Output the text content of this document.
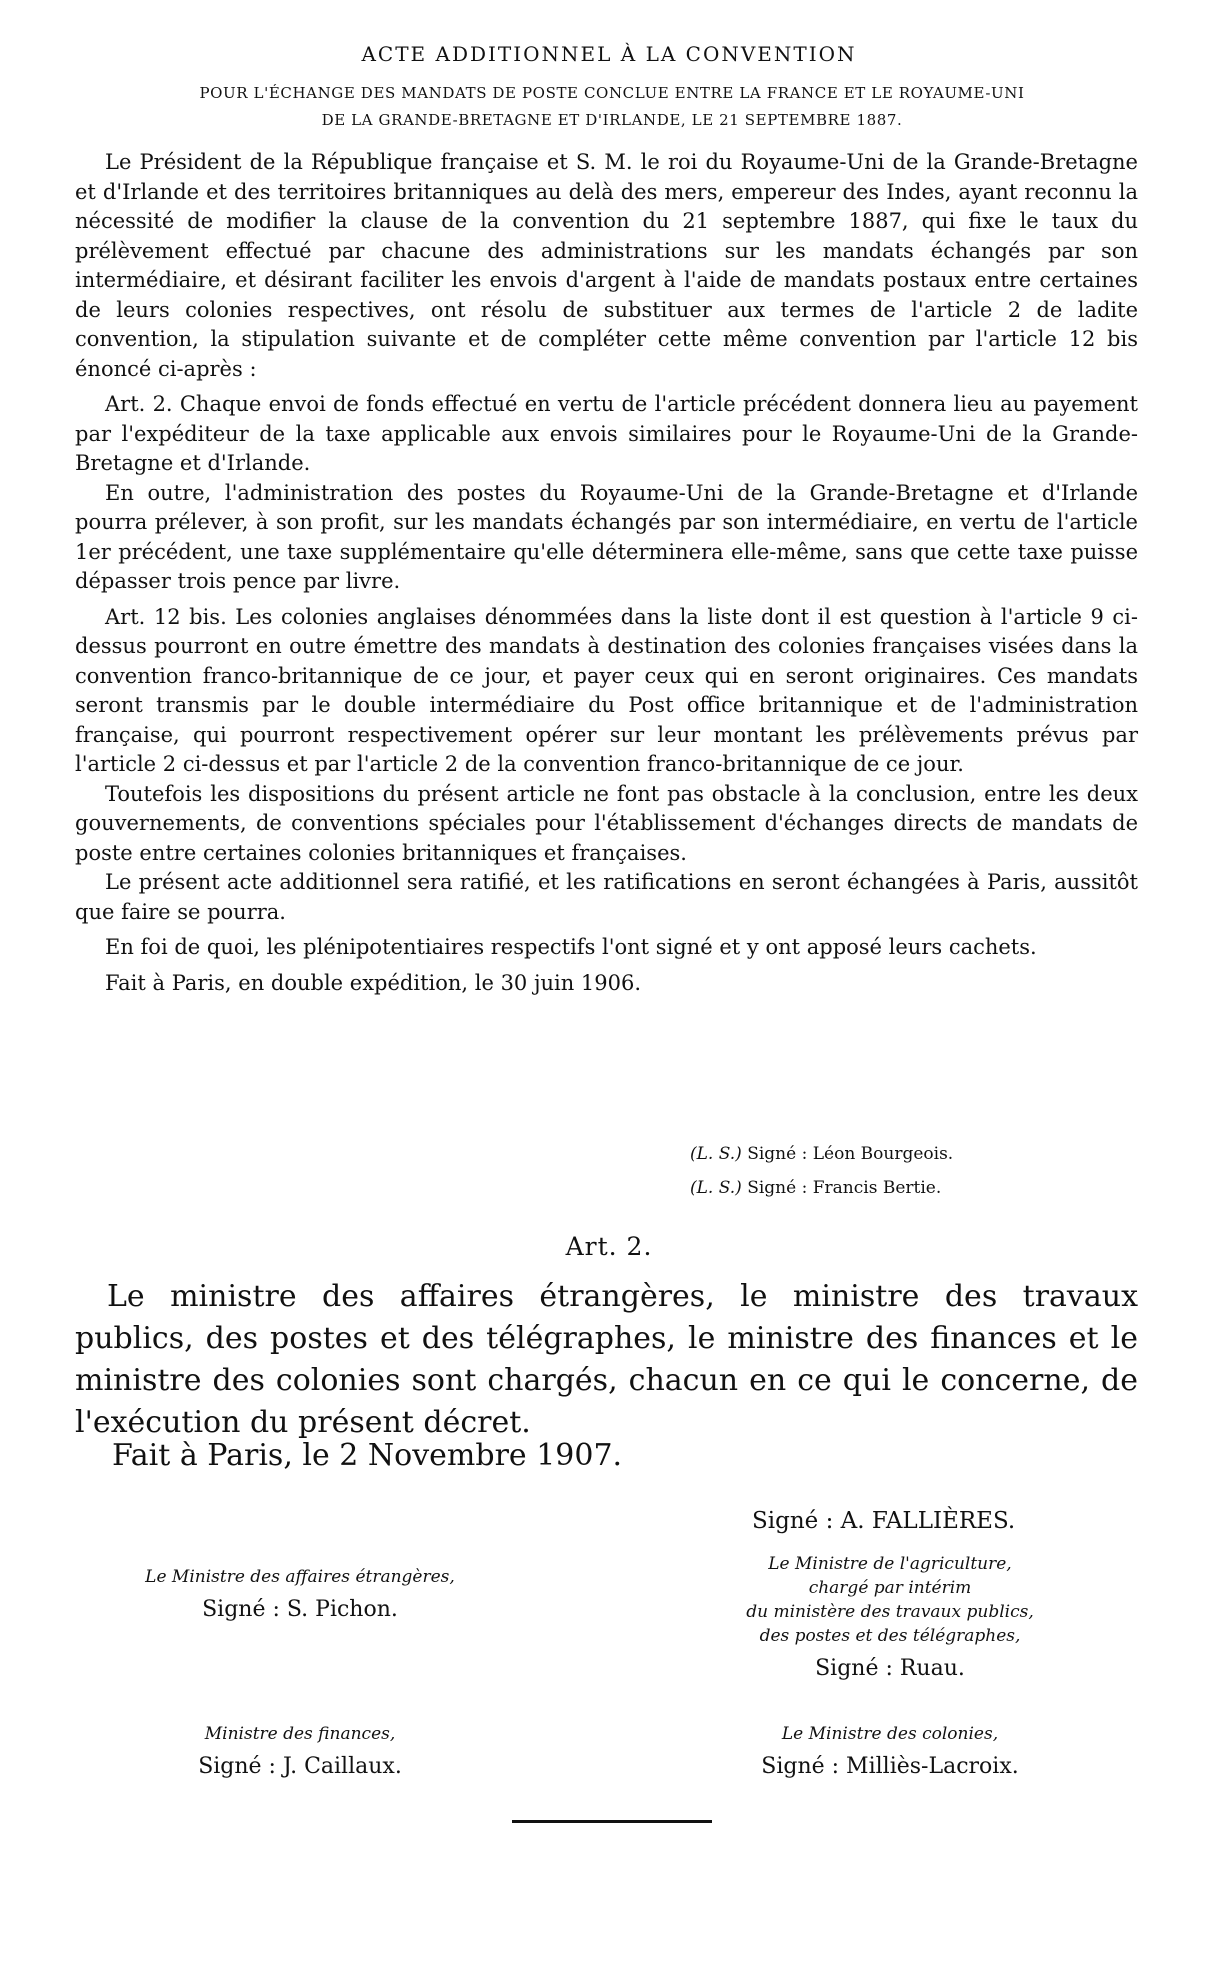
ACTE ADDITIONNEL À LA CONVENTION
POUR L'ÉCHANGE DES MANDATS DE POSTE CONCLUE ENTRE LA FRANCE ET LE ROYAUME-UNI
DE LA GRANDE-BRETAGNE ET D'IRLANDE, LE 21 SEPTEMBRE 1887.

Le Président de la République française et S. M. le roi du Royaume-Uni de la Grande-Bretagne et d'Irlande et des territoires britanniques au delà des mers, empereur des Indes, ayant reconnu la nécessité de modifier la clause de la convention du 21 septembre 1887, qui fixe le taux du prélèvement effectué par chacune des administrations sur les mandats échangés par son intermédiaire, et désirant faciliter les envois d'argent à l'aide de mandats postaux entre certaines de leurs colonies respectives, ont résolu de substituer aux termes de l'article 2 de ladite convention, la stipulation suivante et de compléter cette même convention par l'article 12 bis énoncé ci-après :

Art. 2. Chaque envoi de fonds effectué en vertu de l'article précédent donnera lieu au payement par l'expéditeur de la taxe applicable aux envois similaires pour le Royaume-Uni de la Grande-Bretagne et d'Irlande.

En outre, l'administration des postes du Royaume-Uni de la Grande-Bretagne et d'Irlande pourra prélever, à son profit, sur les mandats échangés par son intermédiaire, en vertu de l'article 1er précédent, une taxe supplémentaire qu'elle déterminera elle-même, sans que cette taxe puisse dépasser trois pence par livre.

Art. 12 bis. Les colonies anglaises dénommées dans la liste dont il est question à l'article 9 ci-dessus pourront en outre émettre des mandats à destination des colonies françaises visées dans la convention franco-britannique de ce jour, et payer ceux qui en seront originaires. Ces mandats seront transmis par le double intermédiaire du Post office britannique et de l'administration française, qui pourront respectivement opérer sur leur montant les prélèvements prévus par l'article 2 ci-dessus et par l'article 2 de la convention franco-britannique de ce jour.

Toutefois les dispositions du présent article ne font pas obstacle à la conclusion, entre les deux gouvernements, de conventions spéciales pour l'établissement d'échanges directs de mandats de poste entre certaines colonies britanniques et françaises.

Le présent acte additionnel sera ratifié, et les ratifications en seront échangées à Paris, aussitôt que faire se pourra.

En foi de quoi, les plénipotentiaires respectifs l'ont signé et y ont apposé leurs cachets.

Fait à Paris, en double expédition, le 30 juin 1906.

(L. S.) Signé : Léon Bourgeois.
(L. S.) Signé : Francis Bertie.
Art. 2.

Le ministre des affaires étrangères, le ministre des travaux publics, des postes et des télégraphes, le ministre des finances et le ministre des colonies sont chargés, chacun en ce qui le concerne, de l'exécution du présent décret.

Fait à Paris, le 2 Novembre 1907.
Signé : A. FALLIÈRES.
Le Ministre des affaires étrangères,
Signé : S. Pichon.
Le Ministre de l'agriculture,
chargé par intérim
du ministère des travaux publics,
des postes et des télégraphes,
Signé : Ruau.
Ministre des finances,
Signé : J. Caillaux.
Le Ministre des colonies,
Signé : Milliès-Lacroix.
